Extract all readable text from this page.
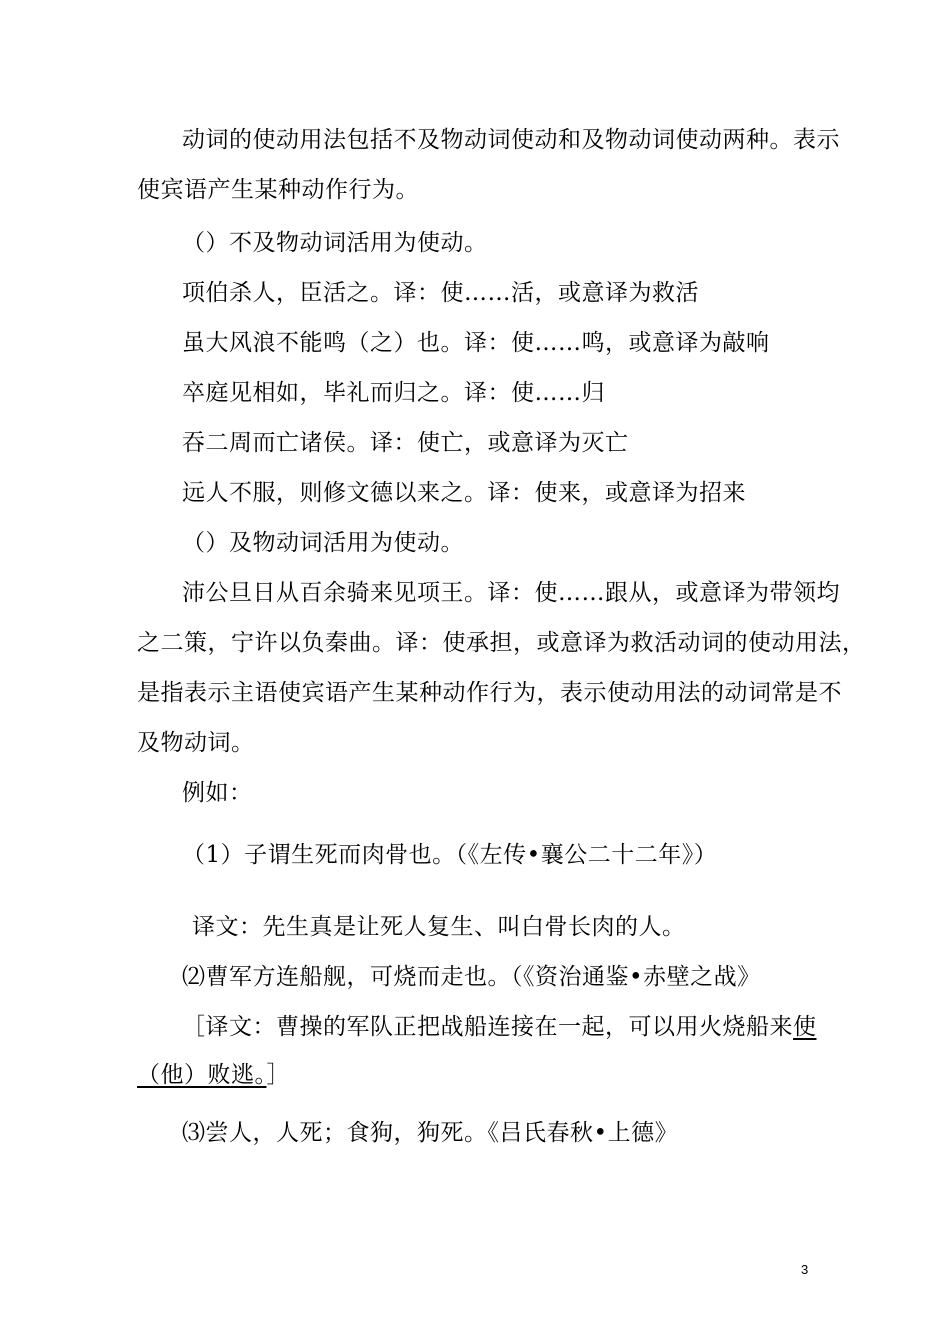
动词的使动用法包括不及物动词使动和及物动词使动两种。表示
使宾语产生某种动作行为。
（）不及物动词活用为使动。
项伯杀人，臣活之。译：使……活，或意译为救活
虽大风浪不能鸣（之）也。译：使……鸣，或意译为敲响
卒庭见相如，毕礼而归之。译：使……归
吞二周而亡诸侯。译：使亡，或意译为灭亡
远人不服，则修文德以来之。译：使来，或意译为招来
（）及物动词活用为使动。
沛公旦日从百余骑来见项王。译：使……跟从，或意译为带领均
之二策，宁许以负秦曲。译：使承担，或意译为救活动词的使动用法，
是指表示主语使宾语产生某种动作行为，表示使动用法的动词常是不
及物动词。
例如：
（1）子谓生死而肉骨也。（《左传•襄公二十二年》）
译文：先生真是让死人复生、叫白骨长肉的人。
⑵曹军方连船舰，可烧而走也。（《资治通鉴•赤壁之战》
［译文：曹操的军队正把战船连接在一起，可以用火烧船来使
（他）败逃。］
⑶尝人，人死；食狗，狗死。《吕氏春秋•上德》
3
